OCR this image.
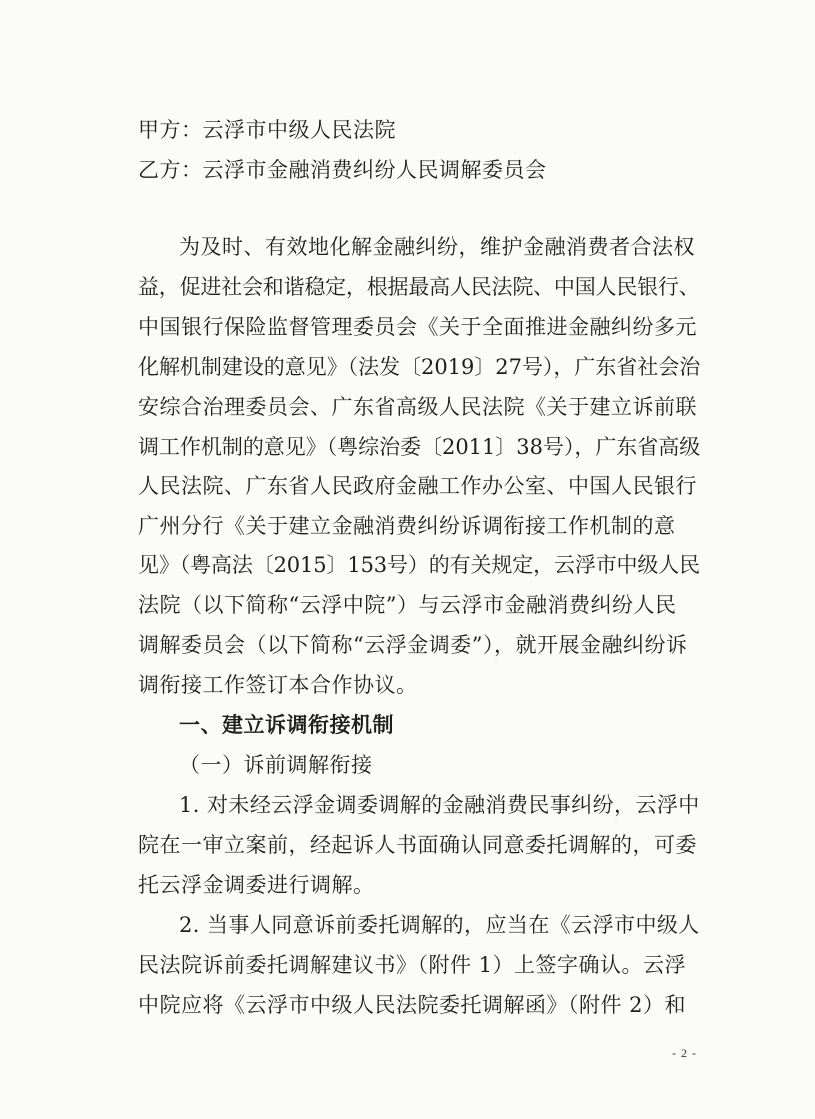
甲方：云浮市中级人民法院
乙方：云浮市金融消费纠纷人民调解委员会
为及时、有效地化解金融纠纷，维护金融消费者合法权
益，促进社会和谐稳定，根据最高人民法院、中国人民银行、
中国银行保险监督管理委员会《关于全面推进金融纠纷多元
化解机制建设的意见》（法发〔2019〕27号），广东省社会治
安综合治理委员会、广东省高级人民法院《关于建立诉前联
调工作机制的意见》（粤综治委〔2011〕38号），广东省高级
人民法院、广东省人民政府金融工作办公室、中国人民银行
广州分行《关于建立金融消费纠纷诉调衔接工作机制的意
见》（粤高法〔2015〕153号）的有关规定，云浮市中级人民
法院（以下简称“云浮中院”）与云浮市金融消费纠纷人民
调解委员会（以下简称“云浮金调委”），就开展金融纠纷诉
调衔接工作签订本合作协议。
一、建立诉调衔接机制
（一）诉前调解衔接
1. 对未经云浮金调委调解的金融消费民事纠纷，云浮中
院在一审立案前，经起诉人书面确认同意委托调解的，可委
托云浮金调委进行调解。
2. 当事人同意诉前委托调解的，应当在《云浮市中级人
民法院诉前委托调解建议书》（附件 1）上签字确认。云浮
中院应将《云浮市中级人民法院委托调解函》（附件 2）和
- 2 -
